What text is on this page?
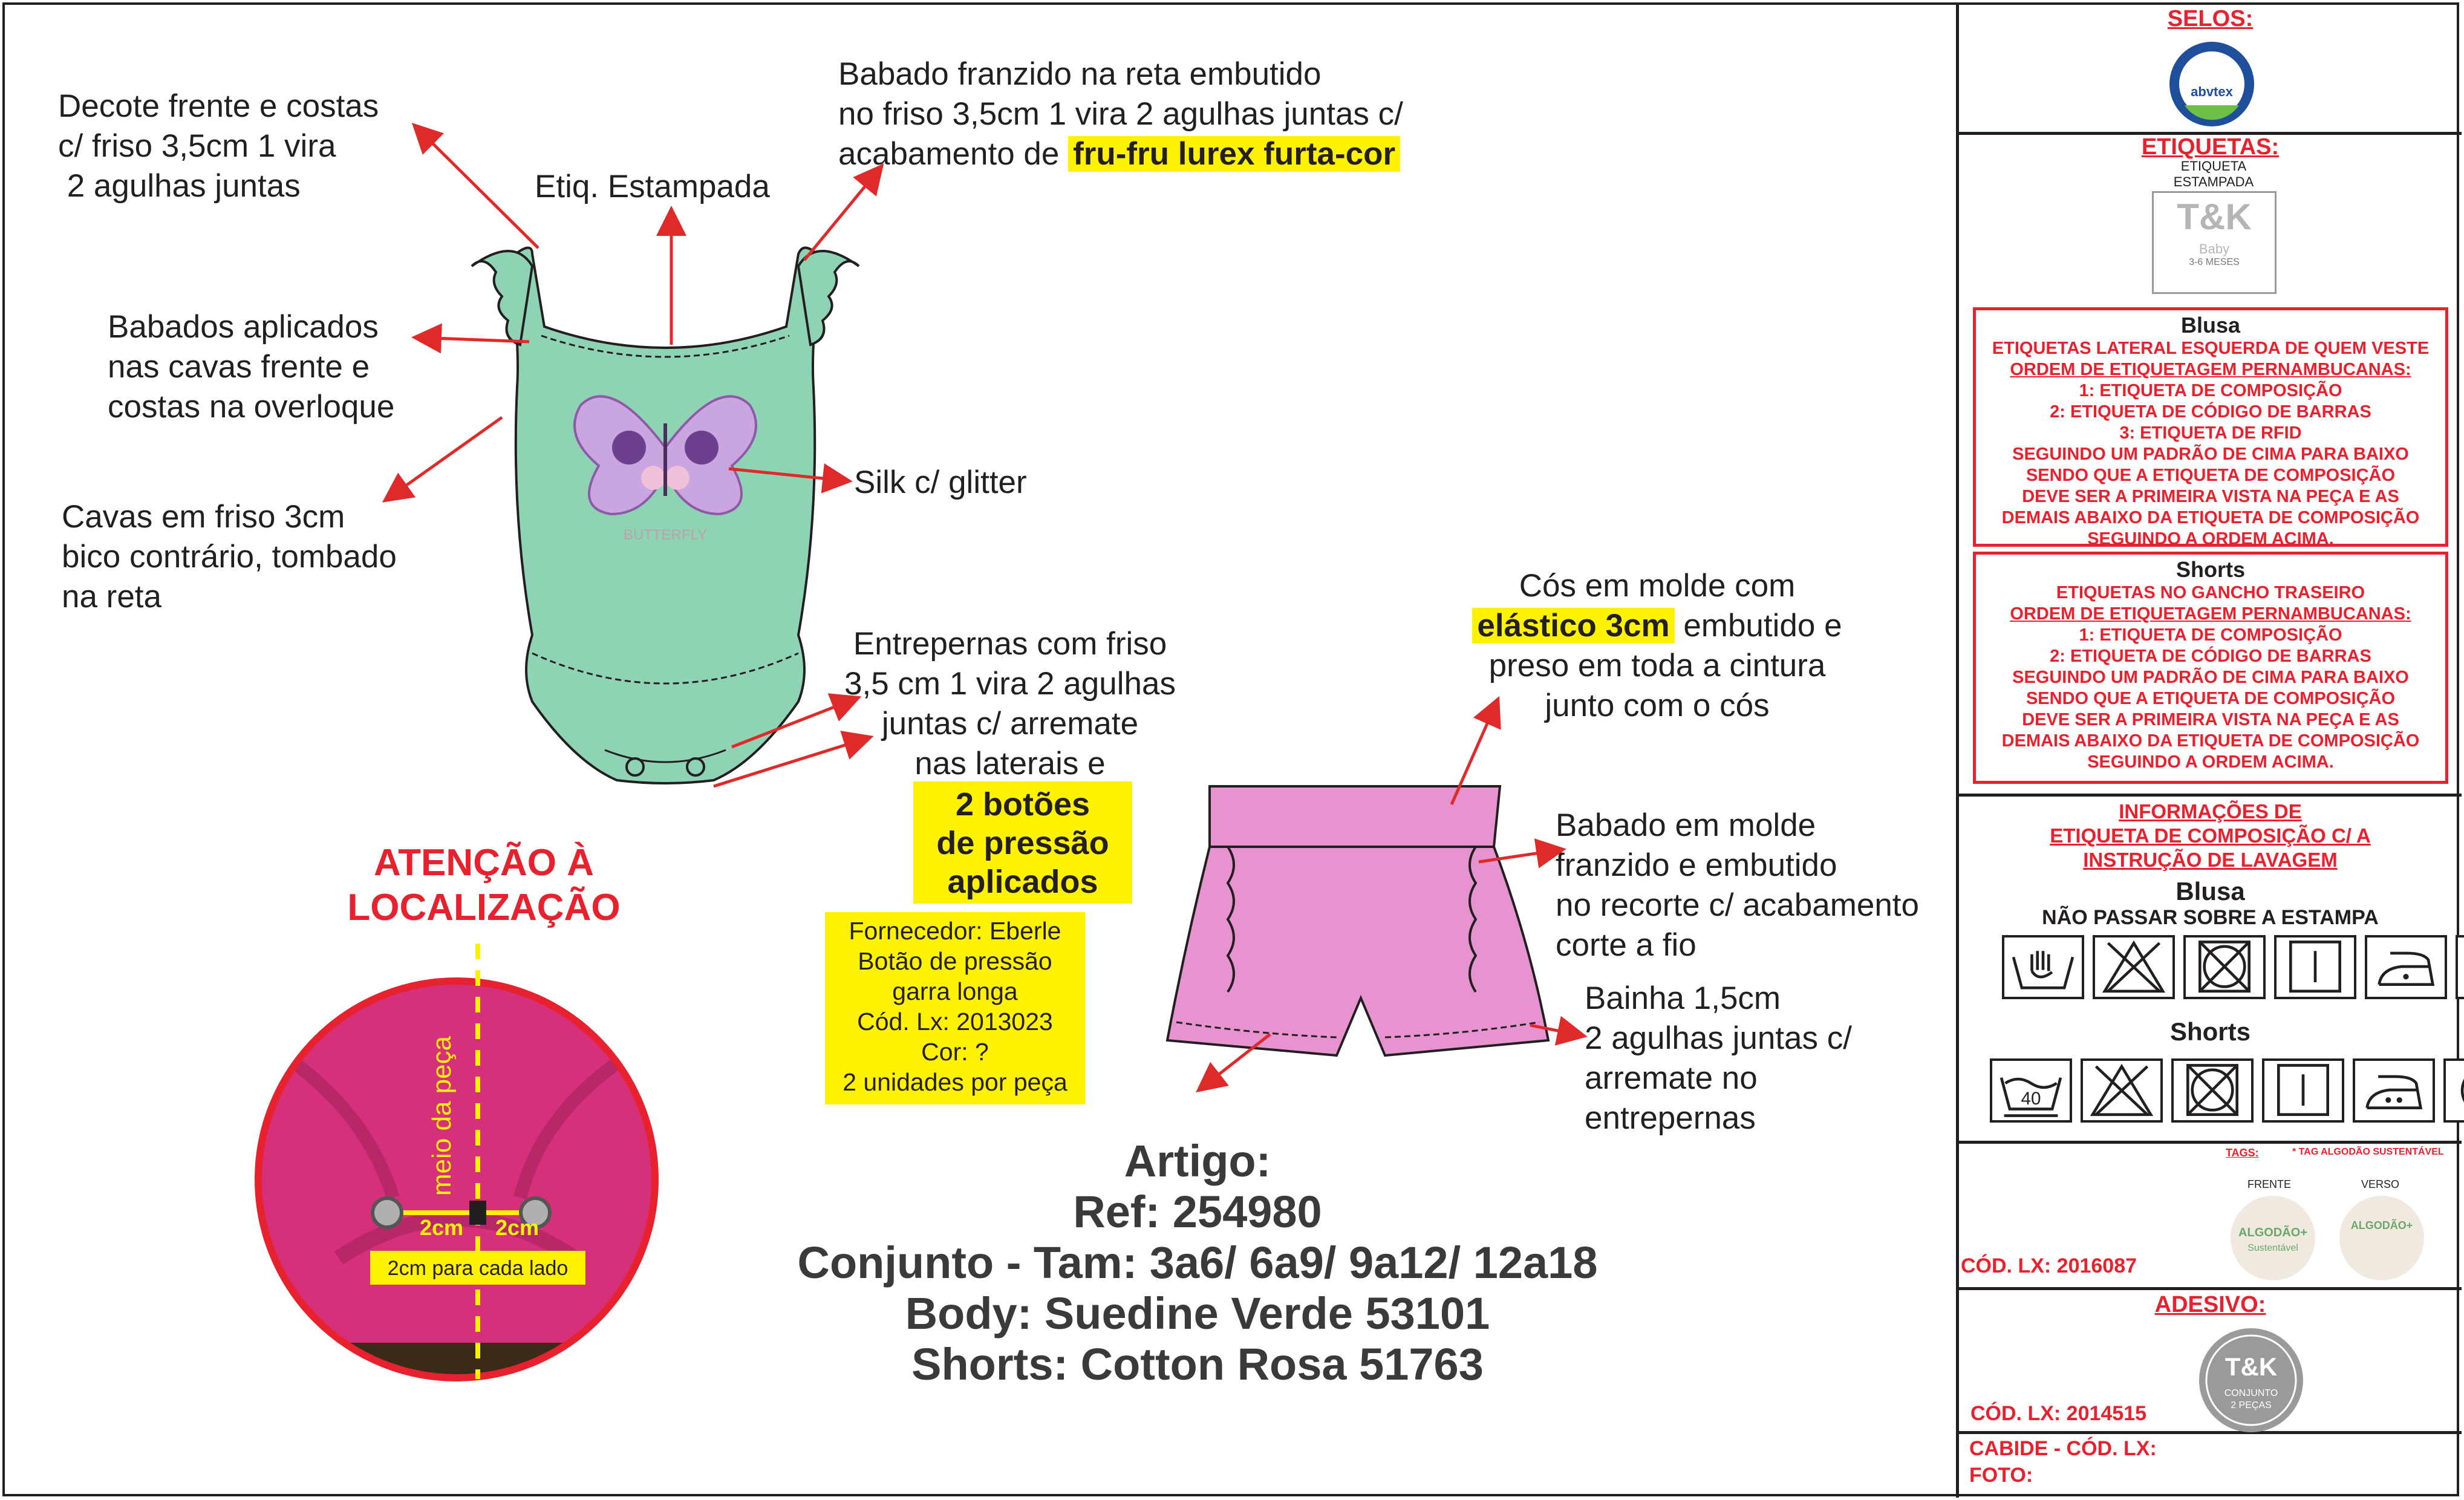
BUTTERFLY
meio da peça
2cm 2cm
2cm para cada lado
Decote frente e costas
c/ friso 3,5cm 1 vira
2 agulhas juntas	Etiq. Estampada
Babado franzido na reta embutido
no friso 3,5cm 1 vira 2 agulhas juntas c/
acabamento de fru-fru lurex furta-cor
Babados aplicados
nas cavas frente e
costas na overloque
Silk c/ glitter
Cavas em friso 3cm
bico contrário, tombado
na reta
Entrepernas com friso
3,5 cm 1 vira 2 agulhas
juntas c/ arremate
nas laterais e
2 botões
de pressão
aplicados
Fornecedor: Eberle
Botão de pressão
garra longa
Cód. Lx: 2013023
Cor: ?
2 unidades por peça
Cós em molde com
elástico 3cm embutido e
preso em toda a cintura
junto com o cós
Babado em molde
franzido e embutido
no recorte c/ acabamento
corte a fio
Bainha 1,5cm
2 agulhas juntas c/
arremate no
entrepernas
ATENÇÃO À
LOCALIZAÇÃO
Artigo:
Ref: 254980
Conjunto - Tam: 3a6/ 6a9/ 9a12/ 12a18
Body: Suedine Verde 53101
Shorts: Cotton Rosa 51763
SELOS:
abvtex
ETIQUETAS:
ETIQUETA
ESTAMPADA
T&K
Baby
3-6 MESES
Blusa
ETIQUETAS LATERAL ESQUERDA DE QUEM VESTE
ORDEM DE ETIQUETAGEM PERNAMBUCANAS:
1: ETIQUETA DE COMPOSIÇÃO
2: ETIQUETA DE CÓDIGO DE BARRAS
3: ETIQUETA DE RFID
SEGUINDO UM PADRÃO DE CIMA PARA BAIXO
SENDO QUE A ETIQUETA DE COMPOSIÇÃO
DEVE SER A PRIMEIRA VISTA NA PEÇA E AS
DEMAIS ABAIXO DA ETIQUETA DE COMPOSIÇÃO
SEGUINDO A ORDEM ACIMA.
Shorts
ETIQUETAS NO GANCHO TRASEIRO
ORDEM DE ETIQUETAGEM PERNAMBUCANAS:
1: ETIQUETA DE COMPOSIÇÃO
2: ETIQUETA DE CÓDIGO DE BARRAS
SEGUINDO UM PADRÃO DE CIMA PARA BAIXO
SENDO QUE A ETIQUETA DE COMPOSIÇÃO
DEVE SER A PRIMEIRA VISTA NA PEÇA E AS
DEMAIS ABAIXO DA ETIQUETA DE COMPOSIÇÃO
SEGUINDO A ORDEM ACIMA.
INFORMAÇÕES DE
ETIQUETA DE COMPOSIÇÃO C/ A
INSTRUÇÃO DE LAVAGEM
Blusa
NÃO PASSAR SOBRE A ESTAMPA
Shorts
40
TAGS:	* TAG ALGODÃO SUSTENTÁVEL
FRENTE	VERSO
ALGODÃO+
Sustentável
ALGODÃO+
CÓD. LX: 2016087
ADESIVO:
T&K
CONJUNTO
2 PEÇAS
CÓD. LX: 2014515
CABIDE - CÓD. LX:
FOTO:
